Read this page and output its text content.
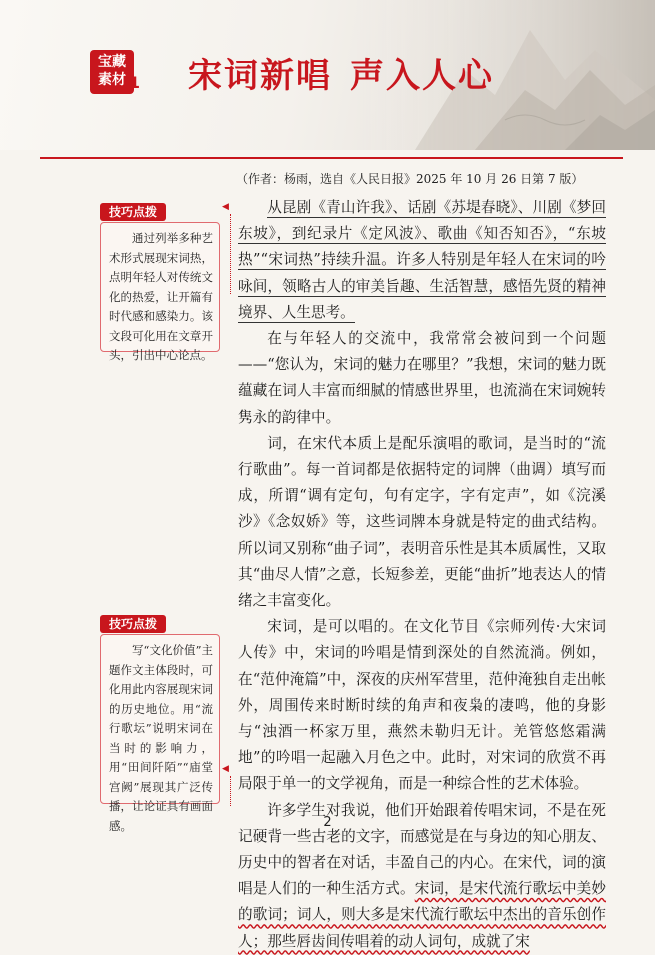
宝藏
素材 1 宋词新唱 声入人心
（作者：杨雨，选自《人民日报》2025 年 10 月 26 日第 7 版）
技巧点拨
通过列举多种艺术形式展现宋词热，点明年轻人对传统文化的热爱，让开篇有时代感和感染力。该文段可化用在文章开头，引出中心论点。
◀
技巧点拨
写“文化价值”主题作文主体段时，可化用此内容展现宋词的历史地位。用“流行歌坛”说明宋词在当时的影响力，用“田间阡陌”“庙堂宫阙”展现其广泛传播，让论证具有画面感。
◀

从昆剧《青山许我》、话剧《苏堤春晓》、川剧《梦回东坡》，到纪录片《定风波》、歌曲《知否知否》，“东坡热”“宋词热”持续升温。许多人特别是年轻人在宋词的吟咏间，领略古人的审美旨趣、生活智慧，感悟先贤的精神境界、人生思考。

在与年轻人的交流中，我常常会被问到一个问题——“您认为，宋词的魅力在哪里？”我想，宋词的魅力既蕴藏在词人丰富而细腻的情感世界里，也流淌在宋词婉转隽永的韵律中。

词，在宋代本质上是配乐演唱的歌词，是当时的“流行歌曲”。每一首词都是依据特定的词牌（曲调）填写而成，所谓“调有定句，句有定字，字有定声”，如《浣溪沙》《念奴娇》等，这些词牌本身就是特定的曲式结构。所以词又别称“曲子词”，表明音乐性是其本质属性，又取其“曲尽人情”之意，长短参差，更能“曲折”地表达人的情绪之丰富变化。

宋词，是可以唱的。在文化节目《宗师列传·大宋词人传》中，宋词的吟唱是情到深处的自然流淌。例如，在“范仲淹篇”中，深夜的庆州军营里，范仲淹独自走出帐外，周围传来时断时续的角声和夜枭的凄鸣，他的身影与“浊酒一杯家万里，燕然未勒归无计。羌管悠悠霜满地”的吟唱一起融入月色之中。此时，对宋词的欣赏不再局限于单一的文学视角，而是一种综合性的艺术体验。

许多学生对我说，他们开始跟着传唱宋词，不是在死记硬背一些古老的文字，而感觉是在与身边的知心朋友、历史中的智者在对话，丰盈自己的内心。在宋代，词的演唱是人们的一种生活方式。宋词，是宋代流行歌坛中美妙的歌词；词人，则大多是宋代流行歌坛中杰出的音乐创作人；那些唇齿间传唱着的动人词句，成就了宋

2
